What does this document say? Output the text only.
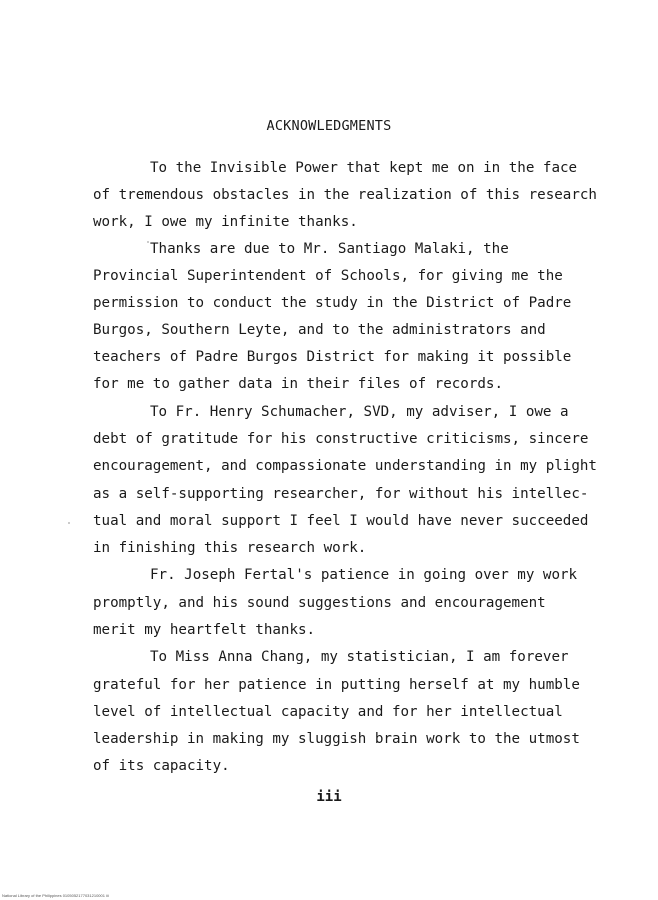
ACKNOWLEDGMENTS
To the Invisible Power that kept me on in the face
of tremendous obstacles in the realization of this research
work, I owe my infinite thanks.
Thanks are due to Mr. Santiago Malaki, the
Provincial Superintendent of Schools, for giving me the
permission to conduct the study in the District of Padre
Burgos, Southern Leyte, and to the administrators and
teachers of Padre Burgos District for making it possible
for me to gather data in their files of records.
To Fr. Henry Schumacher, SVD, my adviser, I owe a
debt of gratitude for his constructive criticisms, sincere
encouragement, and compassionate understanding in my plight
as a self-supporting researcher, for without his intellec-
tual and moral support I feel I would have never succeeded
in finishing this research work.
Fr. Joseph Fertal's patience in going over my work
promptly, and his sound suggestions and encouragement
merit my heartfelt thanks.
To Miss Anna Chang, my statistician, I am forever
grateful for her patience in putting herself at my humble
level of intellectual capacity and for her intellectual
leadership in making my sluggish brain work to the utmost
of its capacity.
iii
National Library of the Philippines 0105052177031210001 iii
